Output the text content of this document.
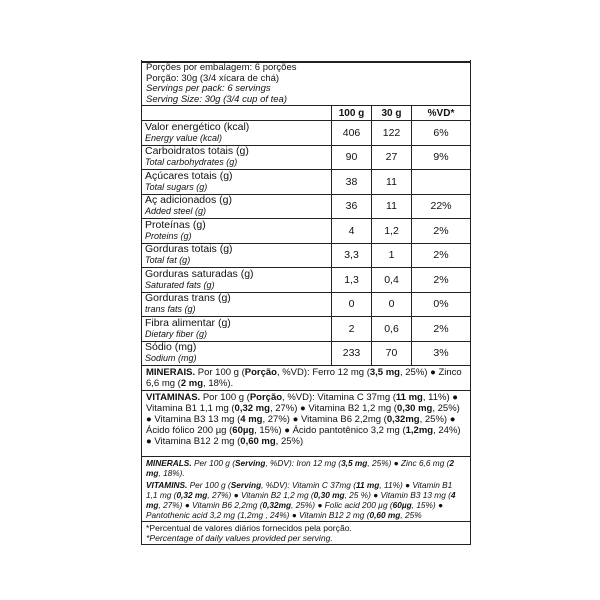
Porções por embalagem: 6 porções
Porção: 30g (3/4 xícara de chá)
Servings per pack: 6 servings
Serving Size: 30g (3/4 cup of tea)
	100 g	30 g	%VD*

Valor energético (kcal)
Energy value (kcal)	406	122	6%

Carboidratos totais (g)
Total carbohydrates (g)	90	27	9%

Açúcares totais (g)
Total sugars (g)	38	11	

Aç adicionados (g)
Added steel (g)	36	11	22%

Proteínas (g)
Proteins (g)	4	1,2	2%

Gorduras totais (g)
Total fat (g)	3,3	1	2%

Gorduras saturadas (g)
Saturated fats (g)	1,3	0,4	2%

Gorduras trans (g)
trans fats (g)	0	0	0%

Fibra alimentar (g)
Dietary fiber (g)	2	0,6	2%

Sódio (mg)
Sodium (mg)	233	70	3%
MINERAIS. Por 100 g (Porção, %VD): Ferro 12 mg (3,5 mg, 25%) ● Zinco 6,6 mg (2 mg, 18%).
VITAMINAS. Por 100 g (Porção, %VD): Vitamina C 37mg (11 mg, 11%) ● Vitamina B1 1,1 mg (0,32 mg, 27%) ● Vitamina B2 1,2 mg (0,30 mg, 25%) ● Vitamina B3 13 mg (4 mg, 27%) ● Vitamina B6 2,2mg (0,32mg, 25%) ● Ácido fólico 200 µg (60µg, 15%) ● Ácido pantotênico 3,2 mg (1,2mg, 24%) ● Vitamina B12 2 mg (0,60 mg, 25%)
MINERALS. Per 100 g (Serving, %DV): Iron 12 mg (3,5 mg, 25%) ● Zinc 6,6 mg (2 mg, 18%).
VITAMINS. Per 100 g (Serving, %DV): Vitamin C 37mg (11 mg, 11%) ● Vitamin B1 1,1 mg (0,32 mg, 27%) ● Vitamin B2 1,2 mg (0,30 mg, 25 %) ● Vitamin B3 13 mg (4 mg, 27%) ● Vitamin B6 2,2mg (0,32mg, 25%) ● Folic acid 200 µg (60µg, 15%) ● Pantothenic acid 3,2 mg (1,2mg , 24%) ● Vitamin B12 2 mg (0,60 mg, 25%
*Percentual de valores diários fornecidos pela porção.
*Percentage of daily values provided per serving.
